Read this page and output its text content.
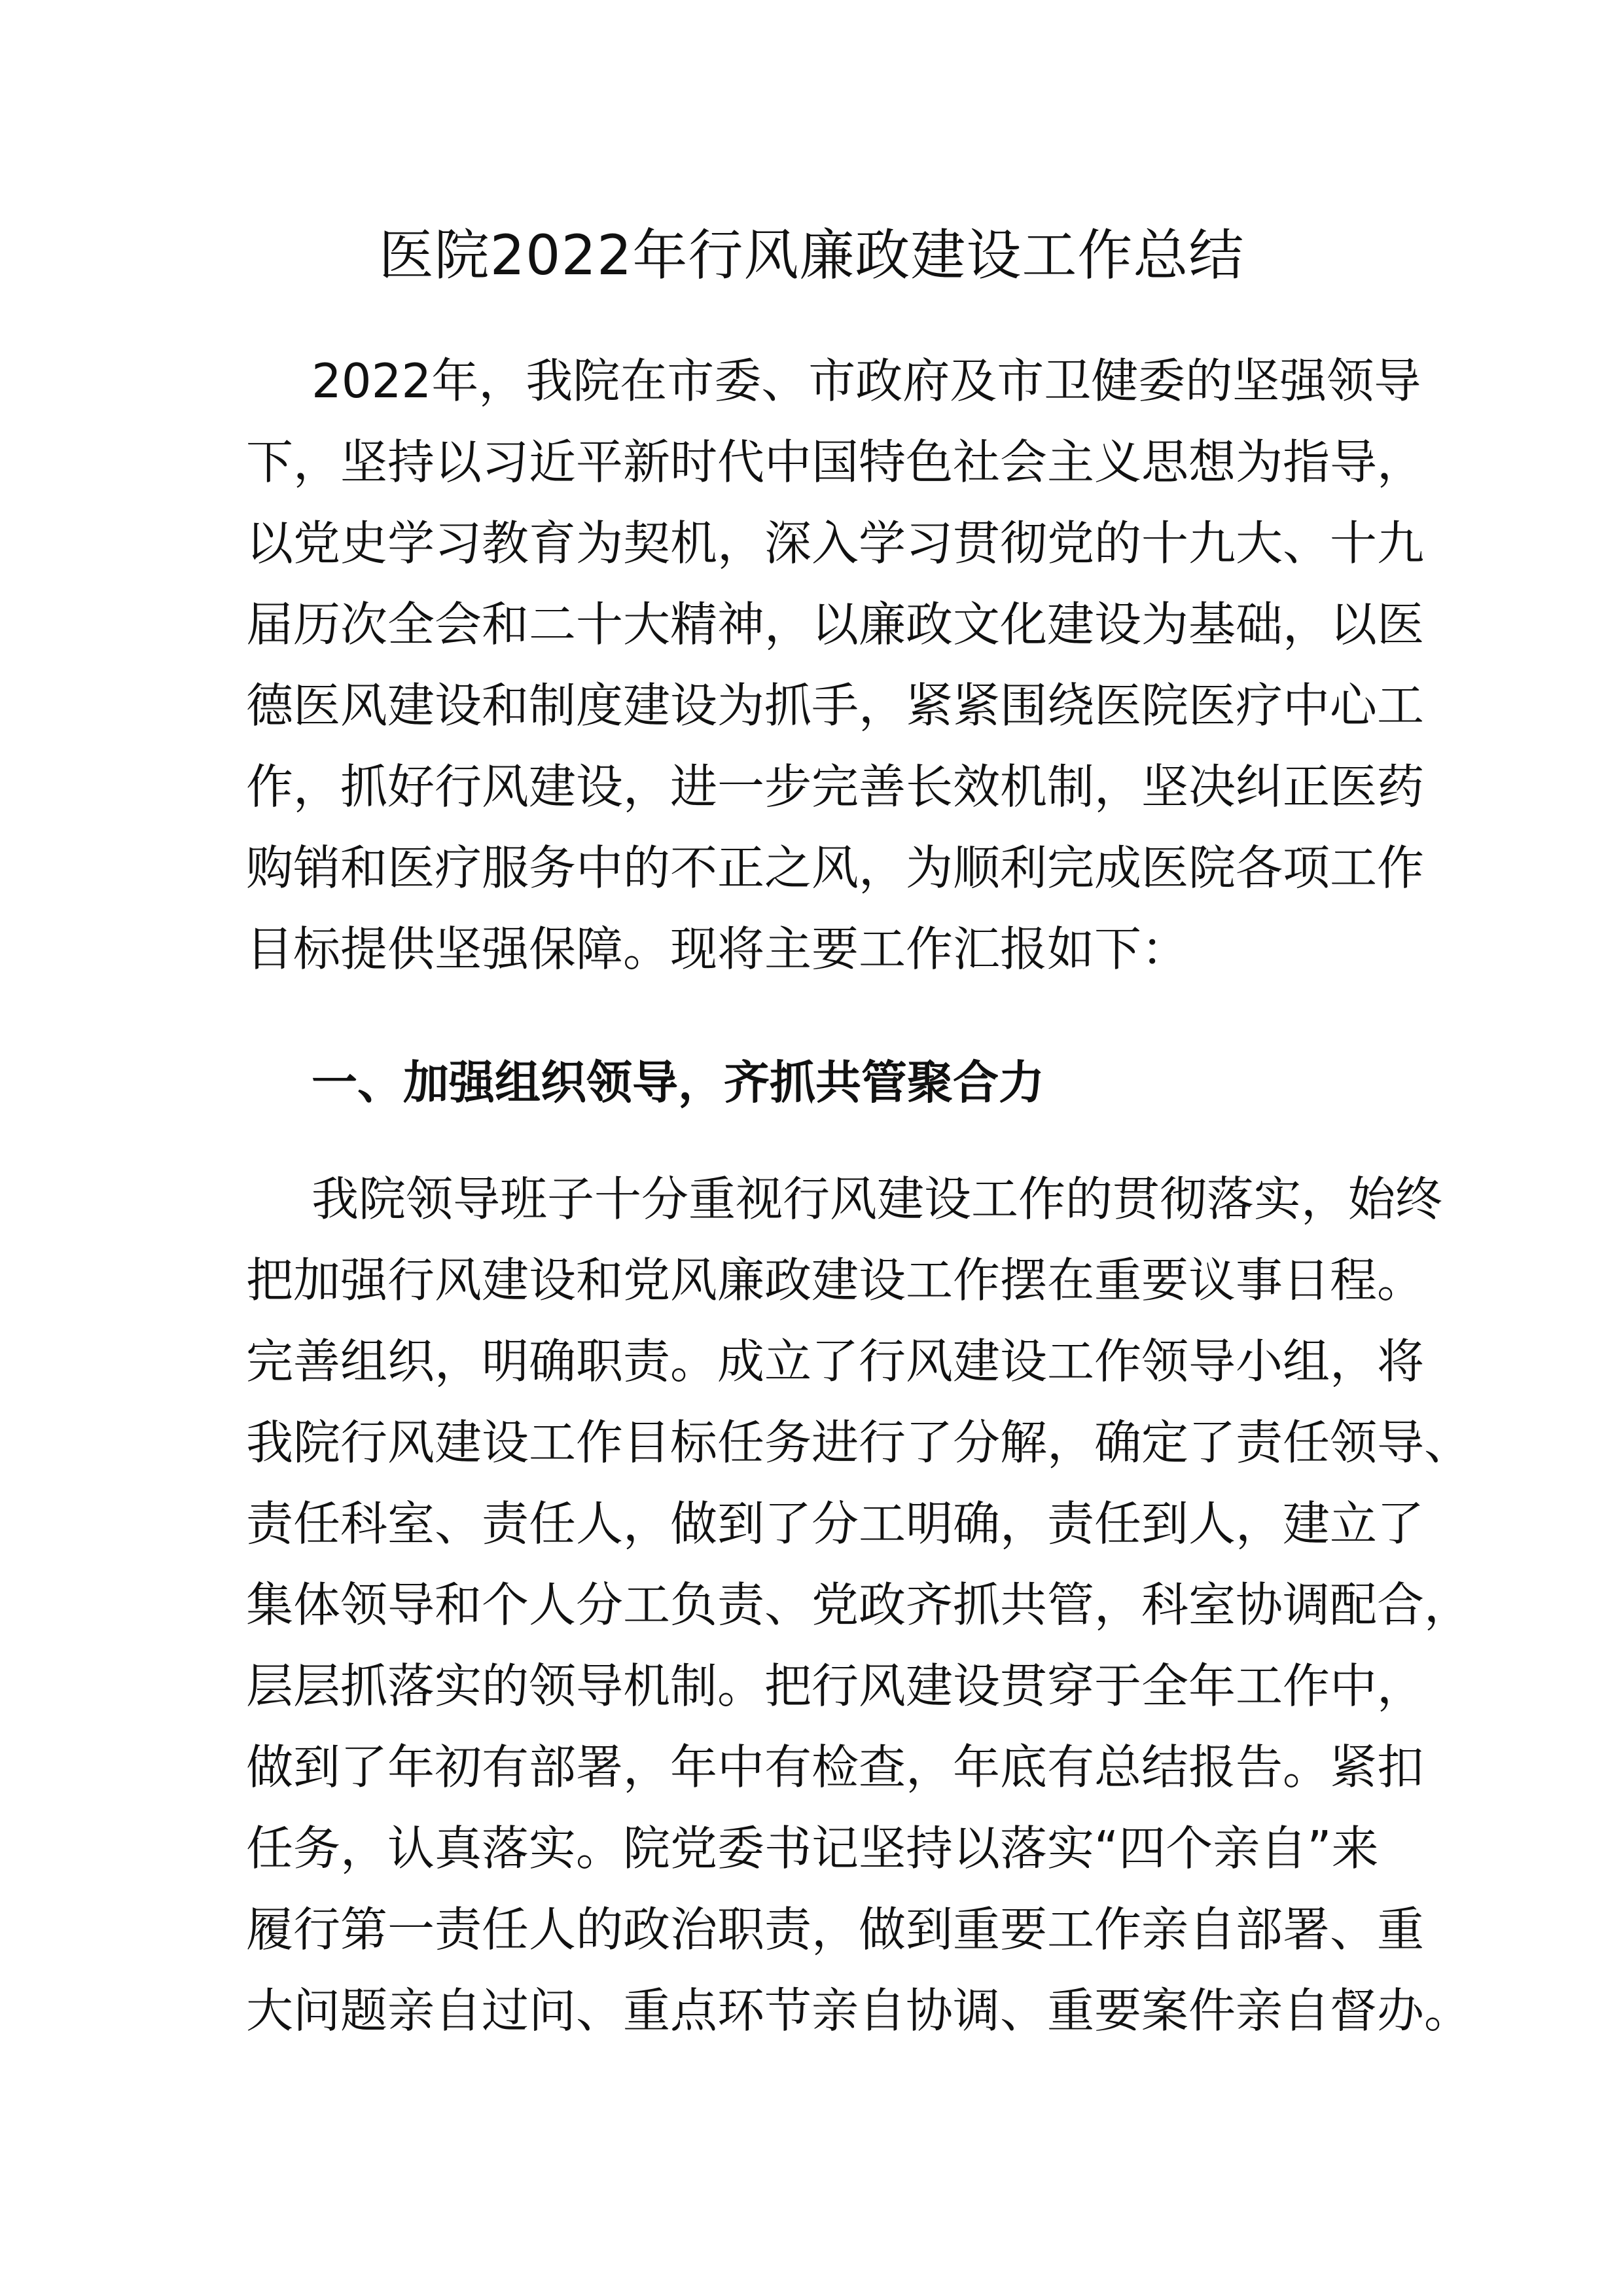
医院2022年行风廉政建设工作总结
2022年，我院在市委、市政府及市卫健委的坚强领导
下，坚持以习近平新时代中国特色社会主义思想为指导，
以党史学习教育为契机，深入学习贯彻党的十九大、十九
届历次全会和二十大精神，以廉政文化建设为基础，以医
德医风建设和制度建设为抓手，紧紧围绕医院医疗中心工
作，抓好行风建设，进一步完善长效机制，坚决纠正医药
购销和医疗服务中的不正之风，为顺利完成医院各项工作
目标提供坚强保障。现将主要工作汇报如下：
一、加强组织领导，齐抓共管聚合力
我院领导班子十分重视行风建设工作的贯彻落实，始终
把加强行风建设和党风廉政建设工作摆在重要议事日程。
完善组织，明确职责。成立了行风建设工作领导小组，将
我院行风建设工作目标任务进行了分解，确定了责任领导、
责任科室、责任人，做到了分工明确，责任到人，建立了
集体领导和个人分工负责、党政齐抓共管，科室协调配合，
层层抓落实的领导机制。把行风建设贯穿于全年工作中，
做到了年初有部署，年中有检查，年底有总结报告。紧扣
任务，认真落实。院党委书记坚持以落实“四个亲自”来
履行第一责任人的政治职责，做到重要工作亲自部署、重
大问题亲自过问、重点环节亲自协调、重要案件亲自督办。
